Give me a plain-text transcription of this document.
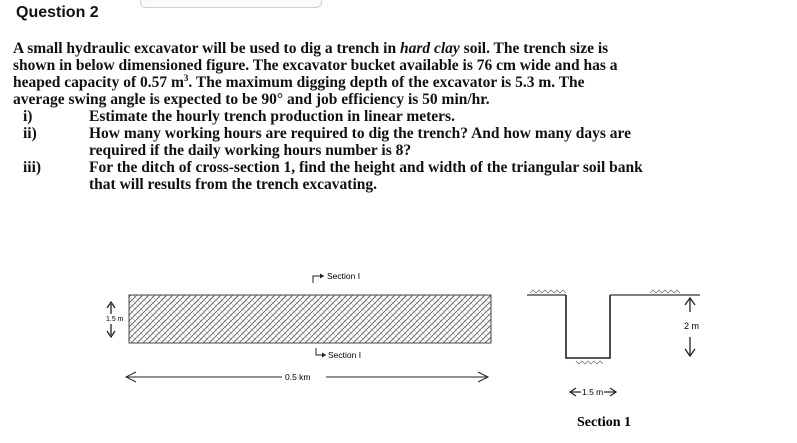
Question 2
A small hydraulic excavator will be used to dig a trench in hard clay soil. The trench size is
shown in below dimensioned figure. The excavator bucket available is 76 cm wide and has a
heaped capacity of 0.57 $m^3$. The maximum digging depth of the excavator is 5.3 m. The
average swing angle is expected to be 90° and job efficiency is 50 min/hr.
i)	Estimate the hourly trench production in linear meters.
ii)	How many working hours are required to dig the trench? And how many days are
required if the daily working hours number is 8?
iii)	For the ditch of cross-section 1, find the height and width of the triangular soil bank
that will results from the trench excavating.
Section I
Section I
1.5 m
0.5 km
2 m
1.5 m
Section 1
